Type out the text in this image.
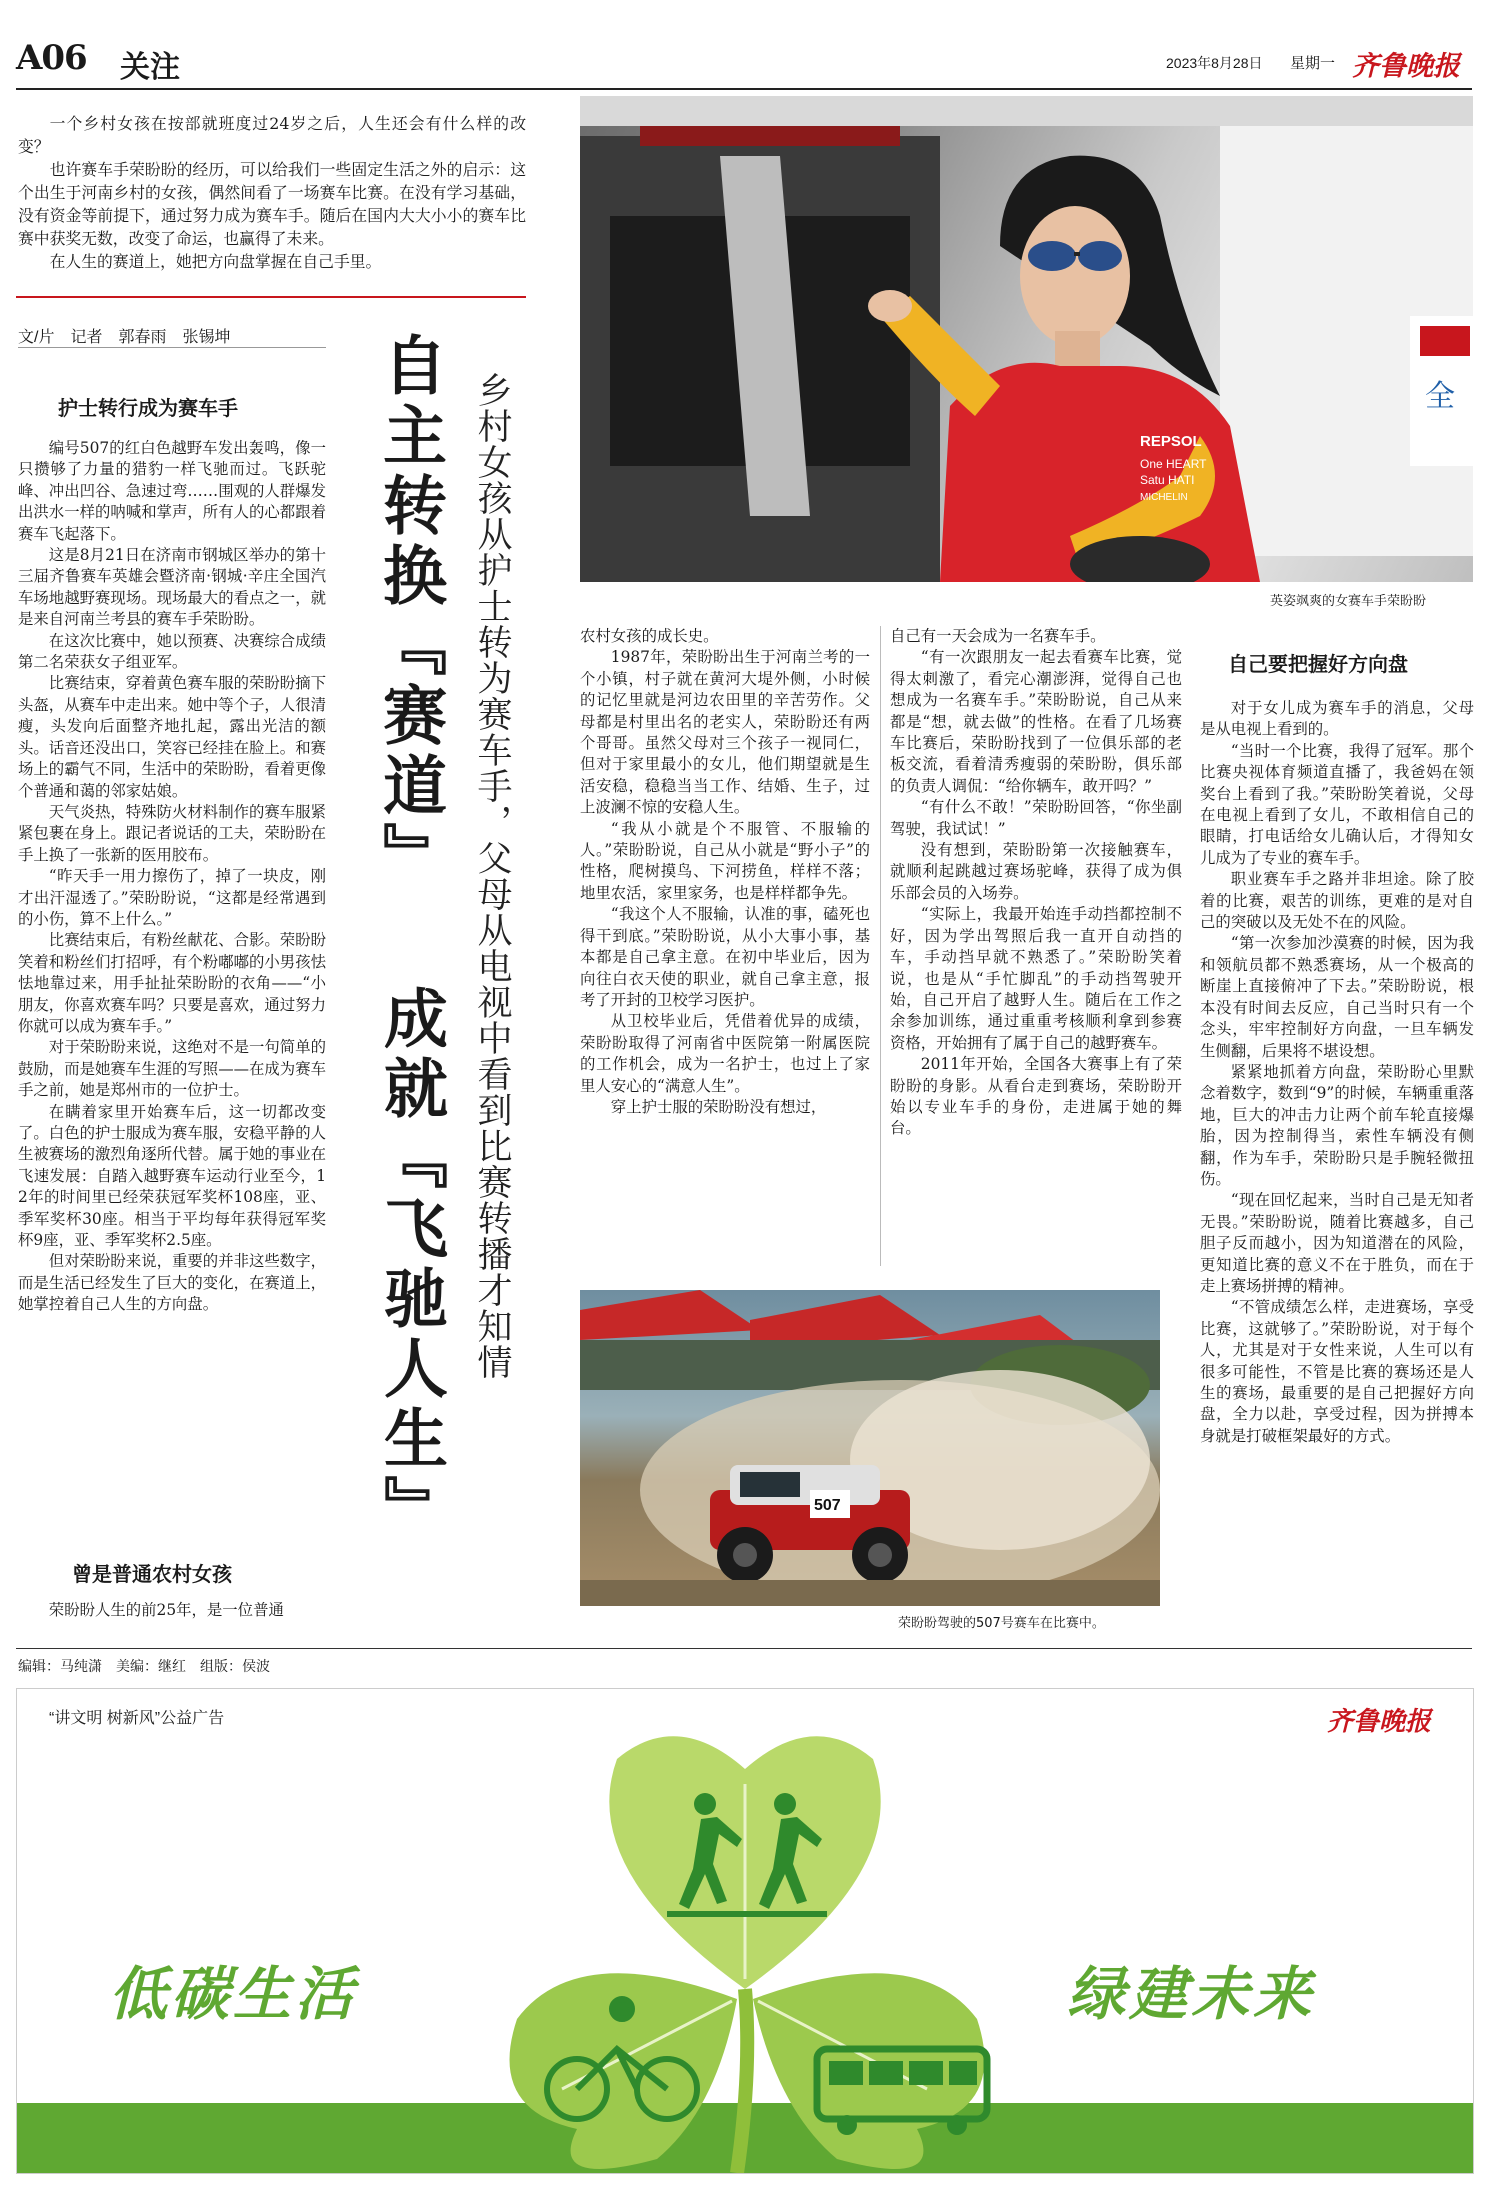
A06 关注	2023年8月28日 星期一 齐鲁晚报

一个乡村女孩在按部就班度过24岁之后，人生还会有什么样的改变？

也许赛车手荣盼盼的经历，可以给我们一些固定生活之外的启示：这个出生于河南乡村的女孩，偶然间看了一场赛车比赛。在没有学习基础，没有资金等前提下，通过努力成为赛车手。随后在国内大大小小的赛车比赛中获奖无数，改变了命运，也赢得了未来。

在人生的赛道上，她把方向盘掌握在自己手里。

文/片　记者　郭春雨　张锡坤 自主转换『赛道』
成就『飞驰人生』 乡村女孩从护士转为赛车手，父母从电视中看到比赛转播才知情
护士转行成为赛车手

编号507的红白色越野车发出轰鸣，像一只攒够了力量的猎豹一样飞驰而过。飞跃驼峰、冲出凹谷、急速过弯……围观的人群爆发出洪水一样的呐喊和掌声，所有人的心都跟着赛车飞起落下。

这是8月21日在济南市钢城区举办的第十三届齐鲁赛车英雄会暨济南·钢城·辛庄全国汽车场地越野赛现场。现场最大的看点之一，就是来自河南兰考县的赛车手荣盼盼。

在这次比赛中，她以预赛、决赛综合成绩第二名荣获女子组亚军。

比赛结束，穿着黄色赛车服的荣盼盼摘下头盔，从赛车中走出来。她中等个子，人很清瘦，头发向后面整齐地扎起，露出光洁的额头。话音还没出口，笑容已经挂在脸上。和赛场上的霸气不同，生活中的荣盼盼，看着更像个普通和蔼的邻家姑娘。

天气炎热，特殊防火材料制作的赛车服紧紧包裹在身上。跟记者说话的工夫，荣盼盼在手上换了一张新的医用胶布。

“昨天手一用力擦伤了，掉了一块皮，刚才出汗湿透了。”荣盼盼说，“这都是经常遇到的小伤，算不上什么。”

比赛结束后，有粉丝献花、合影。荣盼盼笑着和粉丝们打招呼，有个粉嘟嘟的小男孩怯怯地靠过来，用手扯扯荣盼盼的衣角——“小朋友，你喜欢赛车吗？只要是喜欢，通过努力你就可以成为赛车手。”

对于荣盼盼来说，这绝对不是一句简单的鼓励，而是她赛车生涯的写照——在成为赛车手之前，她是郑州市的一位护士。

在瞒着家里开始赛车后，这一切都改变了。白色的护士服成为赛车服，安稳平静的人生被赛场的激烈角逐所代替。属于她的事业在飞速发展：自踏入越野赛车运动行业至今，12年的时间里已经荣获冠军奖杯108座，亚、季军奖杯30座。相当于平均每年获得冠军奖杯9座，亚、季军奖杯2.5座。

但对荣盼盼来说，重要的并非这些数字，而是生活已经发生了巨大的变化，在赛道上，她掌控着自己人生的方向盘。

曾是普通农村女孩

荣盼盼人生的前25年，是一位普通

全
REPSOL
One HEART
Satu HATI
MICHELIN
英姿飒爽的女赛车手荣盼盼

农村女孩的成长史。

1987年，荣盼盼出生于河南兰考的一个小镇，村子就在黄河大堤外侧，小时候的记忆里就是河边农田里的辛苦劳作。父母都是村里出名的老实人，荣盼盼还有两个哥哥。虽然父母对三个孩子一视同仁，但对于家里最小的女儿，他们期望就是生活安稳，稳稳当当工作、结婚、生子，过上波澜不惊的安稳人生。

“我从小就是个不服管、不服输的人。”荣盼盼说，自己从小就是“野小子”的性格，爬树摸鸟、下河捞鱼，样样不落；地里农活，家里家务，也是样样都争先。

“我这个人不服输，认准的事，磕死也得干到底。”荣盼盼说，从小大事小事，基本都是自己拿主意。在初中毕业后，因为向往白衣天使的职业，就自己拿主意，报考了开封的卫校学习医护。

从卫校毕业后，凭借着优异的成绩，荣盼盼取得了河南省中医院第一附属医院的工作机会，成为一名护士，也过上了家里人安心的“满意人生”。

穿上护士服的荣盼盼没有想过，

自己有一天会成为一名赛车手。

“有一次跟朋友一起去看赛车比赛，觉得太刺激了，看完心潮澎湃，觉得自己也想成为一名赛车手。”荣盼盼说，自己从来都是“想，就去做”的性格。在看了几场赛车比赛后，荣盼盼找到了一位俱乐部的老板交流，看着清秀瘦弱的荣盼盼，俱乐部的负责人调侃：“给你辆车，敢开吗？”

“有什么不敢！”荣盼盼回答，“你坐副驾驶，我试试！”

没有想到，荣盼盼第一次接触赛车，就顺利起跳越过赛场驼峰，获得了成为俱乐部会员的入场券。

“实际上，我最开始连手动挡都控制不好，因为学出驾照后我一直开自动挡的车，手动挡早就不熟悉了。”荣盼盼笑着说，也是从“手忙脚乱”的手动挡驾驶开始，自己开启了越野人生。随后在工作之余参加训练，通过重重考核顺利拿到参赛资格，开始拥有了属于自己的越野赛车。

2011年开始，全国各大赛事上有了荣盼盼的身影。从看台走到赛场，荣盼盼开始以专业车手的身份，走进属于她的舞台。

自己要把握好方向盘

对于女儿成为赛车手的消息，父母是从电视上看到的。

“当时一个比赛，我得了冠军。那个比赛央视体育频道直播了，我爸妈在领奖台上看到了我。”荣盼盼笑着说，父母在电视上看到了女儿，不敢相信自己的眼睛，打电话给女儿确认后，才得知女儿成为了专业的赛车手。

职业赛车手之路并非坦途。除了胶着的比赛，艰苦的训练，更难的是对自己的突破以及无处不在的风险。

“第一次参加沙漠赛的时候，因为我和领航员都不熟悉赛场，从一个极高的断崖上直接俯冲了下去。”荣盼盼说，根本没有时间去反应，自己当时只有一个念头，牢牢控制好方向盘，一旦车辆发生侧翻，后果将不堪设想。

紧紧地抓着方向盘，荣盼盼心里默念着数字，数到“9”的时候，车辆重重落地，巨大的冲击力让两个前车轮直接爆胎，因为控制得当，索性车辆没有侧翻，作为车手，荣盼盼只是手腕轻微扭伤。

“现在回忆起来，当时自己是无知者无畏。”荣盼盼说，随着比赛越多，自己胆子反而越小，因为知道潜在的风险，更知道比赛的意义不在于胜负，而在于走上赛场拼搏的精神。

“不管成绩怎么样，走进赛场，享受比赛，这就够了。”荣盼盼说，对于每个人，尤其是对于女性来说，人生可以有很多可能性，不管是比赛的赛场还是人生的赛场，最重要的是自己把握好方向盘，全力以赴，享受过程，因为拼搏本身就是打破框架最好的方式。

507
荣盼盼驾驶的507号赛车在比赛中。
编辑：马纯潇　美编：继红　组版：侯波
“讲文明 树新风”公益广告	齐鲁晚报
低碳生活	绿建未来
